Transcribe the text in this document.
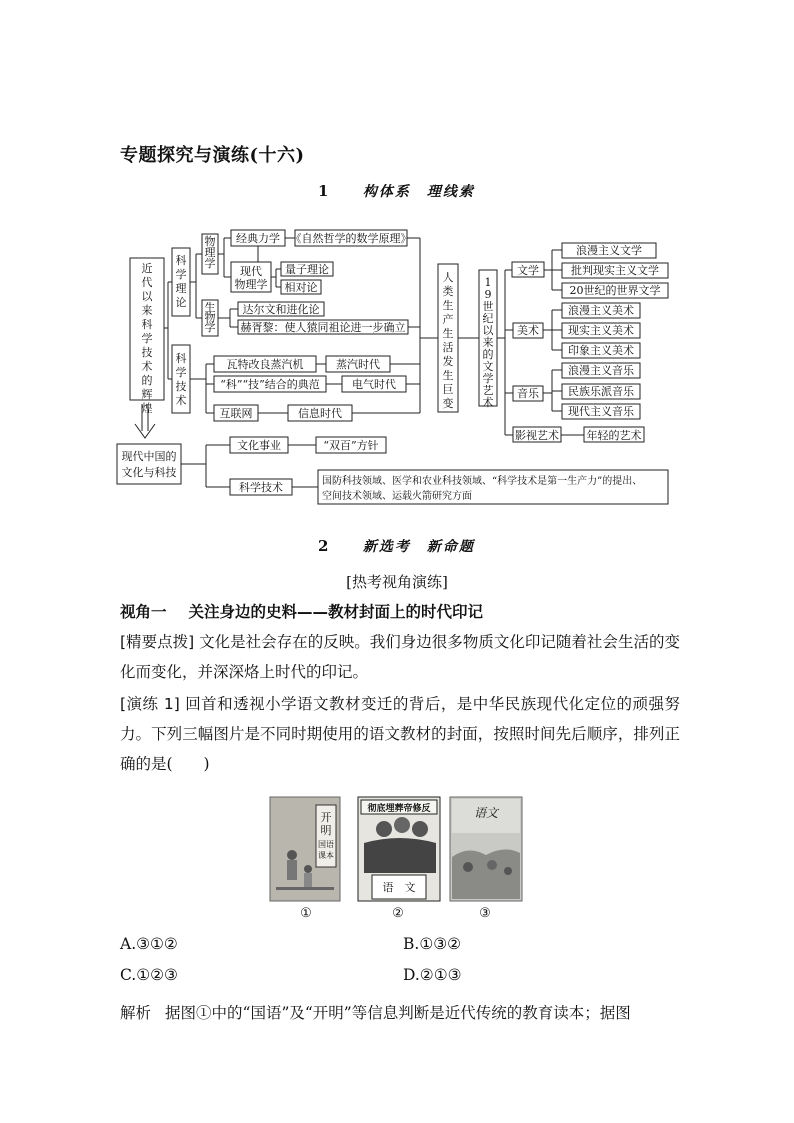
专题探究与演练(十六)
1 构体系　理线索
近代以来科学技术的辉煌
科学理论
物理学
生物学
科学技术
人类生产生活发生巨变
1 9 世纪以来的文学艺术
经典力学 《自然哲学的数学原理》
现代
物理学
量子理论
相对论
达尔文和进化论
赫胥黎：使人猿同祖论进一步确立
瓦特改良蒸汽机	蒸汽时代
“科”“技”结合的典范	电气时代
互联网	信息时代
文学
浪漫主义文学
批判现实主义文学
20世纪的世界文学
美术
浪漫主义美术
现实主义美术
印象主义美术
音乐
浪漫主义音乐
民族乐派音乐
现代主义音乐
影视艺术	年轻的艺术
现代中国的
文化与科技
文化事业	“双百”方针
科学技术	国防科技领域、医学和农业科技领域、“科学技术是第一生产力”的提出、
空间技术领域、运载火箭研究方面
2 新选考　新命题
[热考视角演练]
视角一 关注身边的史料——教材封面上的时代印记
[精要点拨] 文化是社会存在的反映。我们身边很多物质文化印记随着社会生活的变化而变化，并深深烙上时代的印记。
[演练 1] 回首和透视小学语文教材变迁的背后，是中华民族现代化定位的顽强努力。下列三幅图片是不同时期使用的语文教材的封面，按照时间先后顺序，排列正确的是(　　)
开
明
国语
课本
彻底埋葬帝修反
语　文
语文
①	②	③
A.③①②	B.①③②
C.①②③	D.②①③
解析 据图①中的“国语”及“开明”等信息判断是近代传统的教育读本；据图
